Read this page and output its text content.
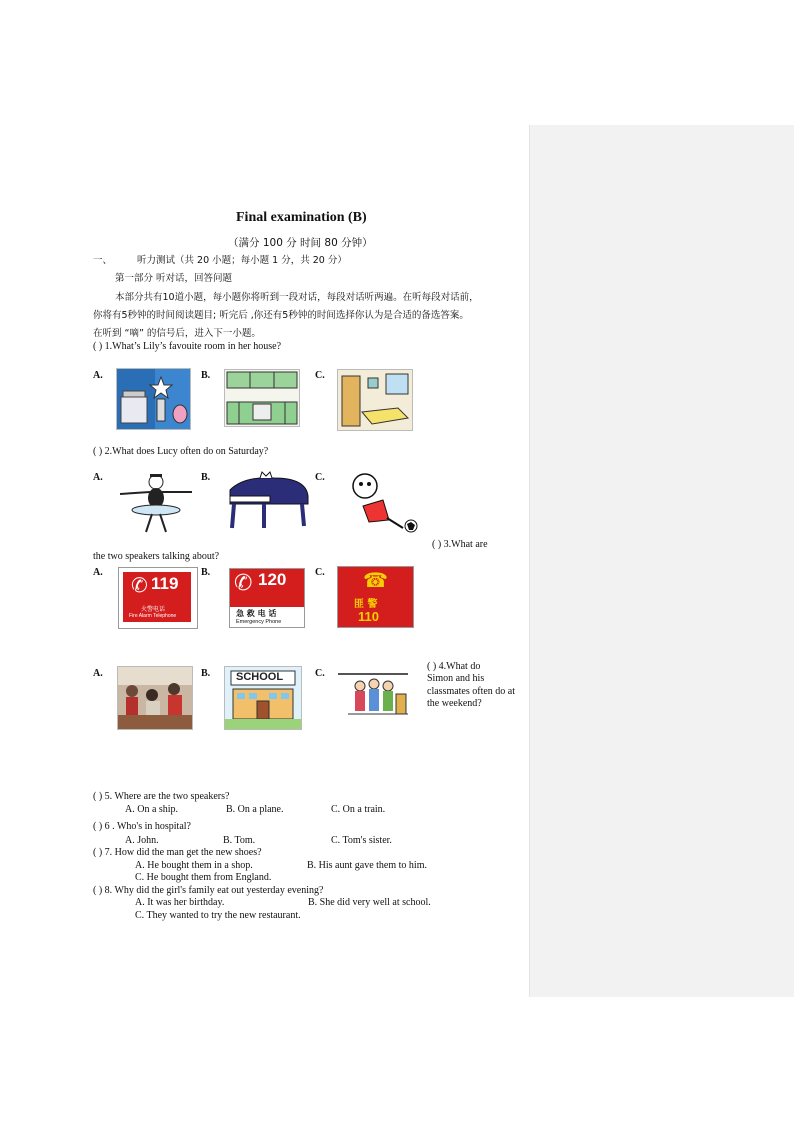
Final examination (B)
（满分 100 分 时间 80 分钟）
一、	听力测试（共 20 小题；每小题 1 分，共 20 分）
第一部分 听对话，回答问题
本部分共有10道小题，每小题你将听到一段对话，每段对话听两遍。在听每段对话前，
你将有5秒钟的时间阅读题目; 听完后 ,你还有5秒钟的时间选择你认为是合适的备选答案。
在听到 “嘀” 的信号后，进入下一小题。
( ) 1.What’s Lily’s favouite room in her house?
A.	B.	C.
( ) 2.What does Lucy often do on Saturday?
A.	B.	C.
( ) 3.What are
the two speakers talking about?
A.
✆ 119
火警电话
Fire Alarm Telephone
B. ✆ 120
急 救 电 话
Emergency Phone
C. ☎
匪 警
110
A.	B. SCHOOL	C.
( ) 4.What do
Simon and his classmates often do at the weekend?
( ) 5. Where are the two speakers?
A. On a ship.	B. On a plane.	C. On a train.
( ) 6 . Who's in hospital?
A. John.	B. Tom.	C. Tom's sister.
( ) 7. How did the man get the new shoes?
A. He bought them in a shop.	B. His aunt gave them to him.
C. He bought them from England.
( ) 8. Why did the girl's family eat out yesterday evening?
A. It was her birthday.	B. She did very well at school.
C. They wanted to try the new restaurant.
